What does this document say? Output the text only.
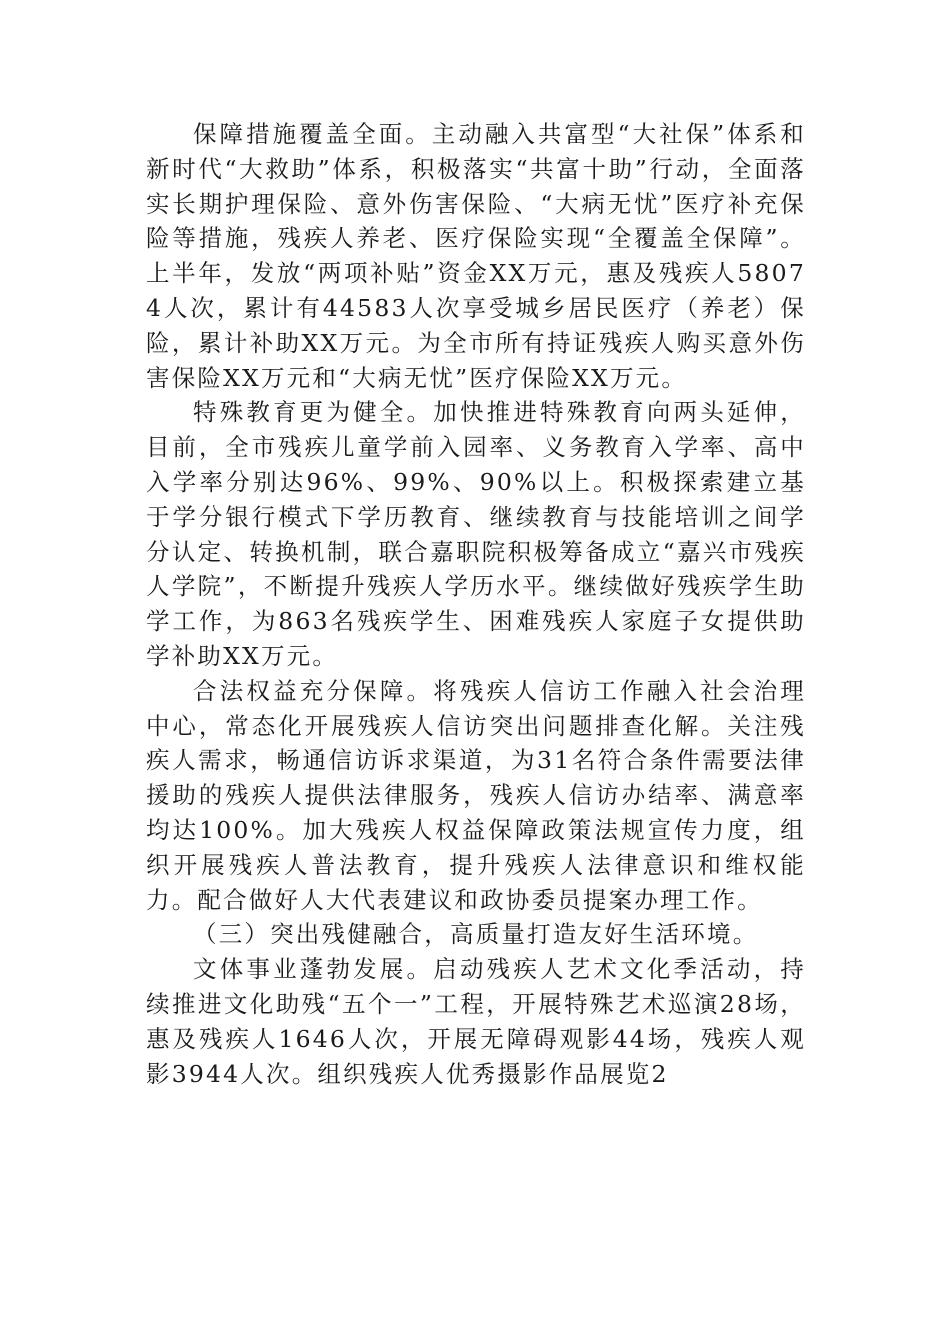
保障措施覆盖全面。主动融入共富型“大社保”体系和新时代“大救助”体系，积极落实“共富十助”行动，全面落实长期护理保险、意外伤害保险、“大病无忧”医疗补充保险等措施，残疾人养老、医疗保险实现“全覆盖全保障”。上半年，发放“两项补贴”资金XX万元，惠及残疾人58074人次，累计有44583人次享受城乡居民医疗（养老）保险，累计补助XX万元。为全市所有持证残疾人购买意外伤害保险XX万元和“大病无忧”医疗保险XX万元。

特殊教育更为健全。加快推进特殊教育向两头延伸，目前，全市残疾儿童学前入园率、义务教育入学率、高中入学率分别达96%、99%、90%以上。积极探索建立基于学分银行模式下学历教育、继续教育与技能培训之间学分认定、转换机制，联合嘉职院积极筹备成立“嘉兴市残疾人学院”，不断提升残疾人学历水平。继续做好残疾学生助学工作，为863名残疾学生、困难残疾人家庭子女提供助学补助XX万元。

合法权益充分保障。将残疾人信访工作融入社会治理中心，常态化开展残疾人信访突出问题排查化解。关注残疾人需求，畅通信访诉求渠道，为31名符合条件需要法律援助的残疾人提供法律服务，残疾人信访办结率、满意率均达100%。加大残疾人权益保障政策法规宣传力度，组织开展残疾人普法教育，提升残疾人法律意识和维权能力。配合做好人大代表建议和政协委员提案办理工作。

（三）突出残健融合，高质量打造友好生活环境。

文体事业蓬勃发展。启动残疾人艺术文化季活动，持续推进文化助残“五个一”工程，开展特殊艺术巡演28场，惠及残疾人1646人次，开展无障碍观影44场，残疾人观影3944人次。组织残疾人优秀摄影作品展览2
